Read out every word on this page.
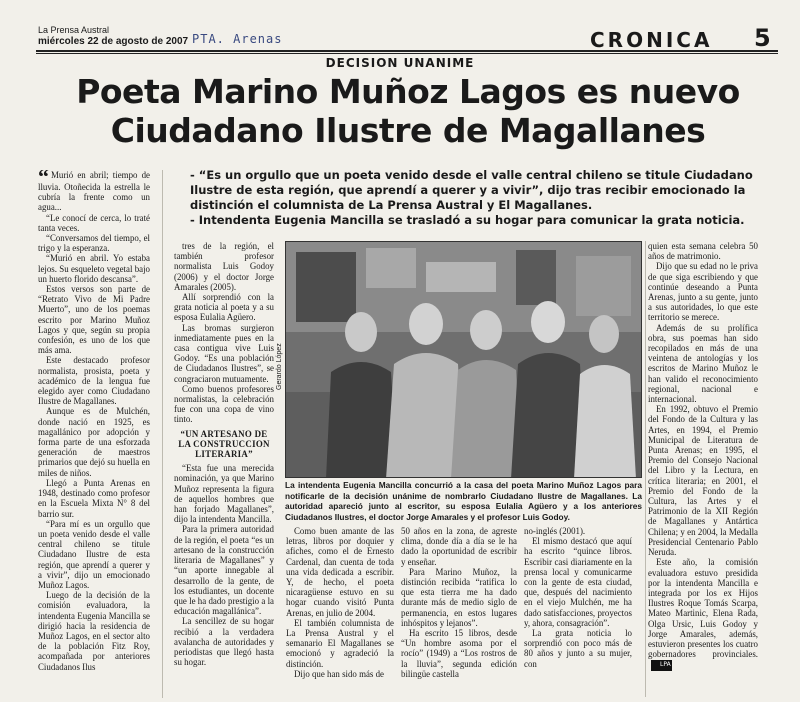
La Prensa Austral
miércoles 22 de agosto de 2007 PTA. Arenas	CRONICA 5
DECISION UNANIME
Poeta Marino Muñoz Lagos es nuevo
Ciudadano Ilustre de Magallanes

- “Es un orgullo que un poeta venido desde el valle central chileno se titule Ciudadano Ilustre de esta región, que aprendí a querer y a vivir”, dijo tras recibir emocionado la distinción el columnista de La Prensa Austral y El Magallanes.

- Intendenta Eugenia Mancilla se trasladó a su hogar para comunicar la grata noticia.

“ Murió en abril; tiempo de lluvia. Otoñecida la estrella le cubría la frente como un agua...

“Le conocí de cerca, lo traté tanta veces.

“Conversamos del tiempo, el trigo y la esperanza.

“Murió en abril. Yo estaba lejos. Su esqueleto vegetal bajo un huerto florido descansa”.

Estos versos son parte de “Retrato Vivo de Mi Padre Muerto”, uno de los poemas escrito por Marino Muñoz Lagos y que, según su propia confesión, es uno de los que más ama.

Este destacado profesor normalista, prosista, poeta y académico de la lengua fue elegido ayer como Ciudadano Ilustre de Magallanes.

Aunque es de Mulchén, donde nació en 1925, es magallánico por adopción y forma parte de una esforzada generación de maestros primarios que dejó su huella en miles de niños.

Llegó a Punta Arenas en 1948, destinado como profesor en la Escuela Mixta N° 8 del barrio sur.

“Para mí es un orgullo que un poeta venido desde el valle central chileno se titule Ciudadano Ilustre de esta región, que aprendí a querer y a vivir”, dijo un emocionado Muñoz Lagos.

Luego de la decisión de la comisión evaluadora, la intendenta Eugenia Mancilla se dirigió hacia la residencia de Muñoz Lagos, en el sector alto de la población Fitz Roy, acompañada por anteriores Ciudadanos Ilus

tres de la región, el también profesor normalista Luis Godoy (2006) y el doctor Jorge Amarales (2005).

Allí sorprendió con la grata noticia al poeta y a su esposa Eulalia Agüero.

Las bromas surgieron inmediatamente pues en la casa contigua vive Luis Godoy. “Es una población de Ciudadanos Ilustres”, se congraciaron mutuamente.

Como buenos profesores normalistas, la celebración fue con una copa de vino tinto.

“UN ARTESANO DE
LA CONSTRUCCION
LITERARIA”

“Esta fue una merecida nominación, ya que Marino Muñoz representa la figura de aquellos hombres que han forjado Magallanes”, dijo la intendenta Mancilla.

Para la primera autoridad de la región, el poeta “es un artesano de la construcción literaria de Magallanes” y “un aporte innegable al desarrollo de la gente, de los estudiantes, un docente que le ha dado prestigio a la educación magallánica”.

La sencillez de su hogar recibió a la verdadera avalancha de autoridades y periodistas que llegó hasta su hogar.

Gerardo López
La intendenta Eugenia Mancilla concurrió a la casa del poeta Marino Muñoz Lagos para notificarle de la decisión unánime de nombrarlo Ciudadano Ilustre de Magallanes. La autoridad apareció junto al escritor, su esposa Eulalia Agüero y a los anteriores Ciudadanos Ilustres, el doctor Jorge Amarales y el profesor Luis Godoy.

Como buen amante de las letras, libros por doquier y afiches, como el de Ernesto Cardenal, dan cuenta de toda una vida dedicada a escribir. Y, de hecho, el poeta nicaragüense estuvo en su hogar cuando visitó Punta Arenas, en julio de 2004.

El también columnista de La Prensa Austral y el semanario El Magallanes se emocionó y agradeció la distinción.

Dijo que han sido más de

50 años en la zona, de agreste clima, donde día a día se le ha dado la oportunidad de escribir y enseñar.

Para Marino Muñoz, la distinción recibida “ratifica lo que esta tierra me ha dado durante más de medio siglo de permanencia, en estos lugares inhóspitos y lejanos”.

Ha escrito 15 libros, desde “Un hombre asoma por el rocío” (1949) a “Los rostros de la lluvia”, segunda edición bilingüe castella

no-inglés (2001).

El mismo destacó que aquí ha escrito “quince libros. Escribir casi diariamente en la prensa local y comunicarme con la gente de esta ciudad, que, después del nacimiento en el viejo Mulchén, me ha dado satisfacciones, proyectos y, ahora, consagración”.

La grata noticia lo sorprendió con poco más de 80 años y junto a su mujer, con

quien esta semana celebra 50 años de matrimonio.

Dijo que su edad no le priva de que siga escribiendo y que continúe deseando a Punta Arenas, junto a su gente, junto a sus autoridades, lo que este territorio se merece.

Además de su prolífica obra, sus poemas han sido recopilados en más de una veintena de antologías y los escritos de Marino Muñoz le han valido el reconocimiento regional, nacional e internacional.

En 1992, obtuvo el Premio del Fondo de la Cultura y las Artes, en 1994, el Premio Municipal de Literatura de Punta Arenas; en 1995, el Premio del Consejo Nacional del Libro y la Lectura, en crítica literaria; en 2001, el Premio del Fondo de la Cultura, las Artes y el Patrimonio de la XII Región de Magallanes y Antártica Chilena; y en 2004, la Medalla Presidencial Centenario Pablo Neruda.

Este año, la comisión evaluadora estuvo presidida por la intendenta Mancilla e integrada por los ex Hijos Ilustres Roque Tomás Scarpa, Mateo Martinic, Elena Rada, Olga Ursic, Luis Godoy y Jorge Amarales, además, estuvieron presentes los cuatro gobernadores provinciales.LPA
